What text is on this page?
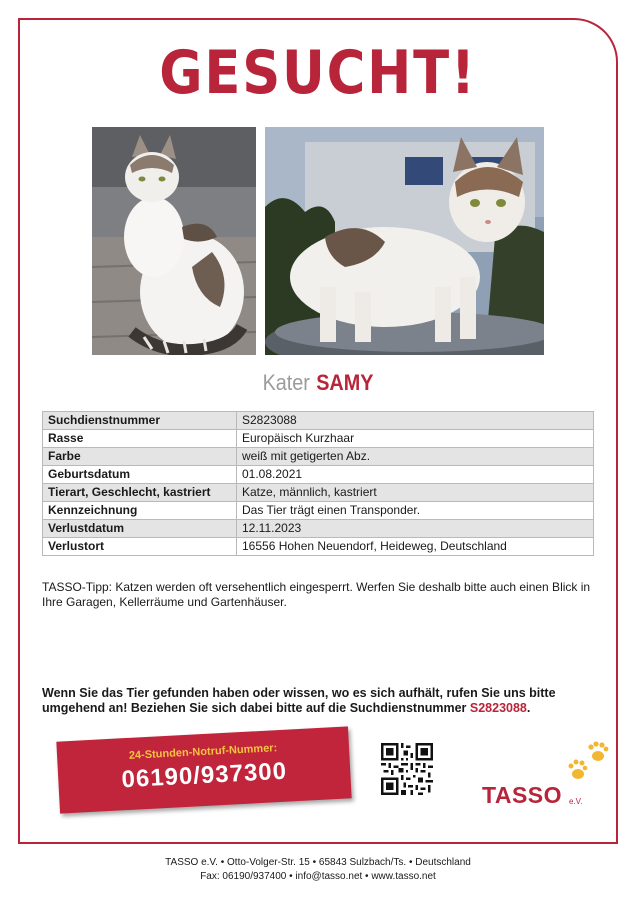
GESUCHT!
Kater SAMY
Suchdienstnummer	S2823088
Rasse	Europäisch Kurzhaar
Farbe	weiß mit getigerten Abz.
Geburtsdatum	01.08.2021
Tierart, Geschlecht, kastriert	Katze, männlich, kastriert
Kennzeichnung	Das Tier trägt einen Transponder.
Verlustdatum	12.11.2023
Verlustort	16556 Hohen Neuendorf, Heideweg, Deutschland
TASSO-Tipp: Katzen werden oft versehentlich eingesperrt. Werfen Sie deshalb bitte auch einen Blick in Ihre Garagen, Kellerräume und Gartenhäuser.
Wenn Sie das Tier gefunden haben oder wissen, wo es sich aufhält, rufen Sie uns bitte umgehend an! Beziehen Sie sich dabei bitte auf die Suchdienstnummer S2823088.
24-Stunden-Notruf-Nummer:
06190/937300
TASSO e.V.
TASSO e.V. • Otto-Volger-Str. 15 • 65843 Sulzbach/Ts. • Deutschland
Fax: 06190/937400 • info@tasso.net • www.tasso.net
